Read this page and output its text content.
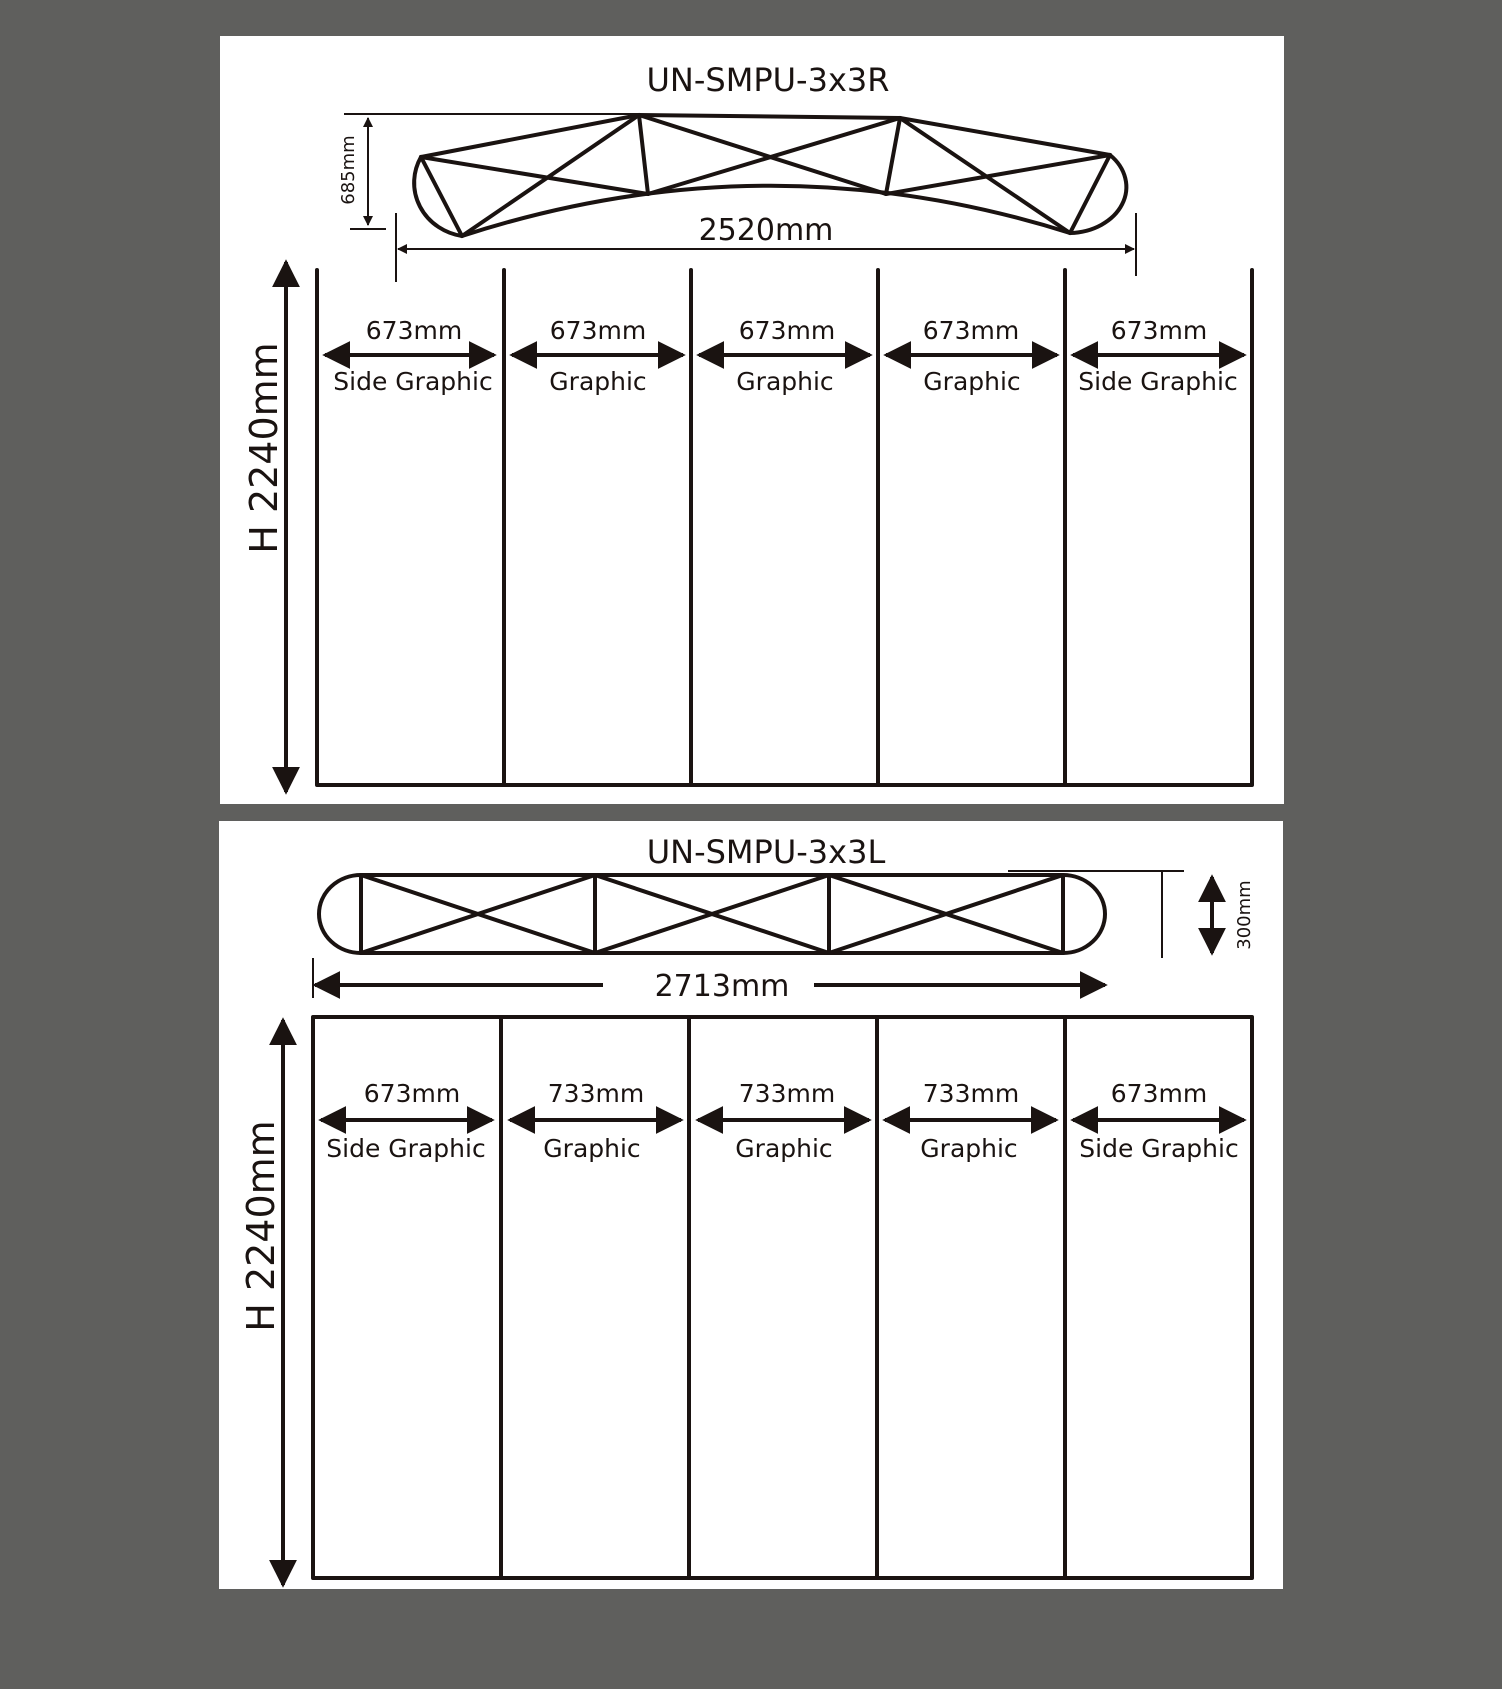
UN-SMPU-3x3R
685mm
2520mm
H 2240mm
673mm
Side Graphic
673mm
Graphic
673mm
Graphic
673mm
Graphic
673mm
Side Graphic
UN-SMPU-3x3L
300mm
2713mm
H 2240mm
673mm
Side Graphic
733mm
Graphic
733mm
Graphic
733mm
Graphic
673mm
Side Graphic
